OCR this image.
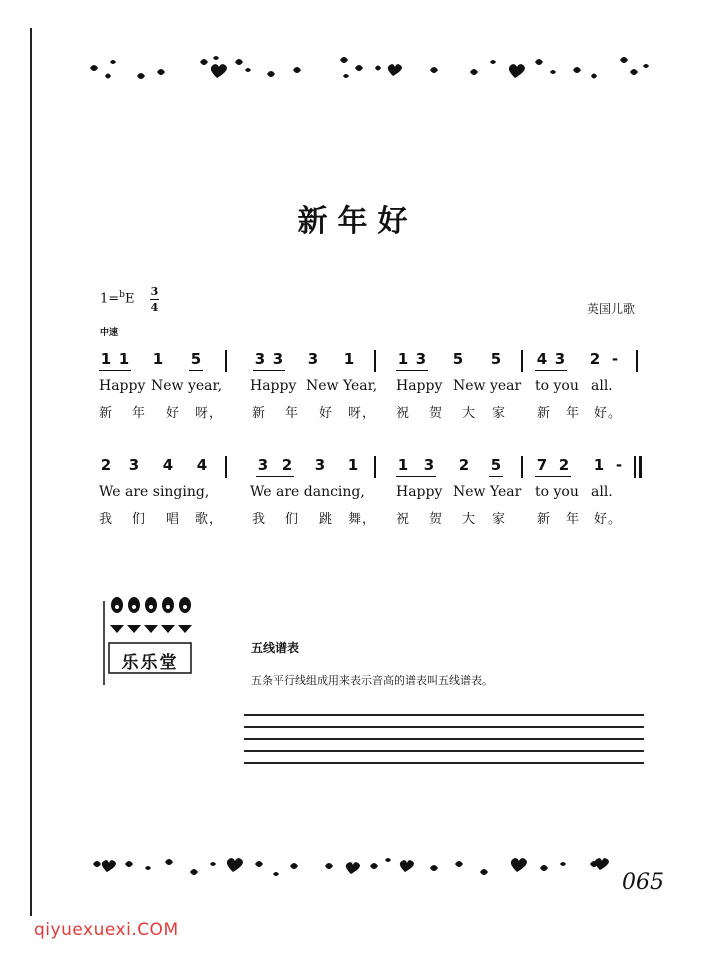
新年好
1=$^b$E 3
4
中速
英国儿歌
1 1 1 5	3 3 3 1	1 3 5 5 4 3 2 -
Happy New year, Happy New Year, Happy New year to you all.
新 年 好 呀， 新 年 好 呀， 祝 贺 大 家 新 年 好。
2 3 4 4	3 2 3 1	1 3 2 5 7 2 1 -
We are singing,	We are dancing, Happy New Year to you all.
我 们 唱 歌， 我 们 跳 舞， 祝 贺 大 家 新 年 好。
乐乐堂
五线谱表
五条平行线组成用来表示音高的谱表叫五线谱表。
065
qiyuexuexi.COM
